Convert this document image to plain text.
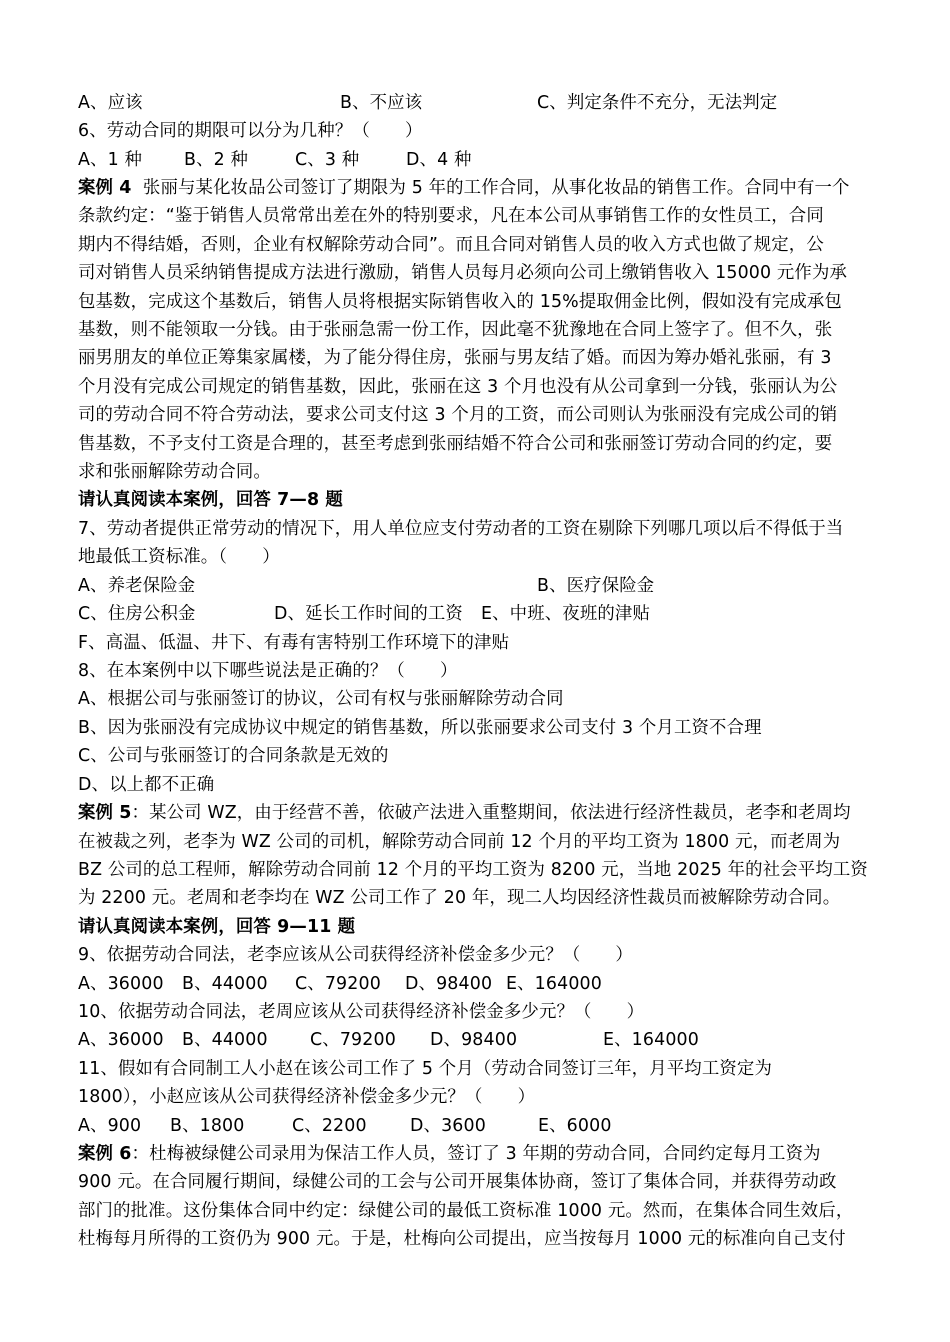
A、应该	B、不应该	C、判定条件不充分，无法判定
6、劳动合同的期限可以分为几种？（　　）
A、1 种 B、2 种	C、3 种	D、4 种
案例 4 张丽与某化妆品公司签订了期限为 5 年的工作合同，从事化妆品的销售工作。合同中有一个
条款约定：“鉴于销售人员常常出差在外的特别要求，凡在本公司从事销售工作的女性员工，合同
期内不得结婚，否则，企业有权解除劳动合同”。而且合同对销售人员的收入方式也做了规定，公
司对销售人员采纳销售提成方法进行激励，销售人员每月必须向公司上缴销售收入 15000 元作为承
包基数，完成这个基数后，销售人员将根据实际销售收入的 15%提取佣金比例，假如没有完成承包
基数，则不能领取一分钱。由于张丽急需一份工作，因此毫不犹豫地在合同上签字了。但不久，张
丽男朋友的单位正筹集家属楼，为了能分得住房，张丽与男友结了婚。而因为筹办婚礼张丽，有 3
个月没有完成公司规定的销售基数，因此，张丽在这 3 个月也没有从公司拿到一分钱，张丽认为公
司的劳动合同不符合劳动法，要求公司支付这 3 个月的工资，而公司则认为张丽没有完成公司的销
售基数，不予支付工资是合理的，甚至考虑到张丽结婚不符合公司和张丽签订劳动合同的约定，要
求和张丽解除劳动合同。
请认真阅读本案例，回答 7—8 题
7、劳动者提供正常劳动的情况下，用人单位应支付劳动者的工资在剔除下列哪几项以后不得低于当
地最低工资标准。（　　）
A、养老保险金	B、医疗保险金
C、住房公积金	D、延长工作时间的工资 E、中班、夜班的津贴
F、高温、低温、井下、有毒有害特别工作环境下的津贴
8、在本案例中以下哪些说法是正确的？（　　）
A、根据公司与张丽签订的协议，公司有权与张丽解除劳动合同
B、因为张丽没有完成协议中规定的销售基数，所以张丽要求公司支付 3 个月工资不合理
C、公司与张丽签订的合同条款是无效的
D、以上都不正确
案例 5：某公司 WZ，由于经营不善，依破产法进入重整期间，依法进行经济性裁员，老李和老周均
在被裁之列，老李为 WZ 公司的司机，解除劳动合同前 12 个月的平均工资为 1800 元，而老周为
BZ 公司的总工程师，解除劳动合同前 12 个月的平均工资为 8200 元，当地 2025 年的社会平均工资
为 2200 元。老周和老李均在 WZ 公司工作了 20 年，现二人均因经济性裁员而被解除劳动合同。
请认真阅读本案例，回答 9—11 题
9、依据劳动合同法，老李应该从公司获得经济补偿金多少元？（　　）
A、36000 B、44000 C、79200 D、98400 E、164000
10、依据劳动合同法，老周应该从公司获得经济补偿金多少元？（　　）
A、36000 B、44000 C、79200 D、98400	E、164000
11、假如有合同制工人小赵在该公司工作了 5 个月（劳动合同签订三年，月平均工资定为
1800），小赵应该从公司获得经济补偿金多少元？（　　）
A、900 B、1800	C、2200 D、3600	E、6000
案例 6：杜梅被绿健公司录用为保洁工作人员，签订了 3 年期的劳动合同，合同约定每月工资为
900 元。在合同履行期间，绿健公司的工会与公司开展集体协商，签订了集体合同，并获得劳动政
部门的批准。这份集体合同中约定：绿健公司的最低工资标准 1000 元。然而，在集体合同生效后，
杜梅每月所得的工资仍为 900 元。于是，杜梅向公司提出，应当按每月 1000 元的标准向自己支付
